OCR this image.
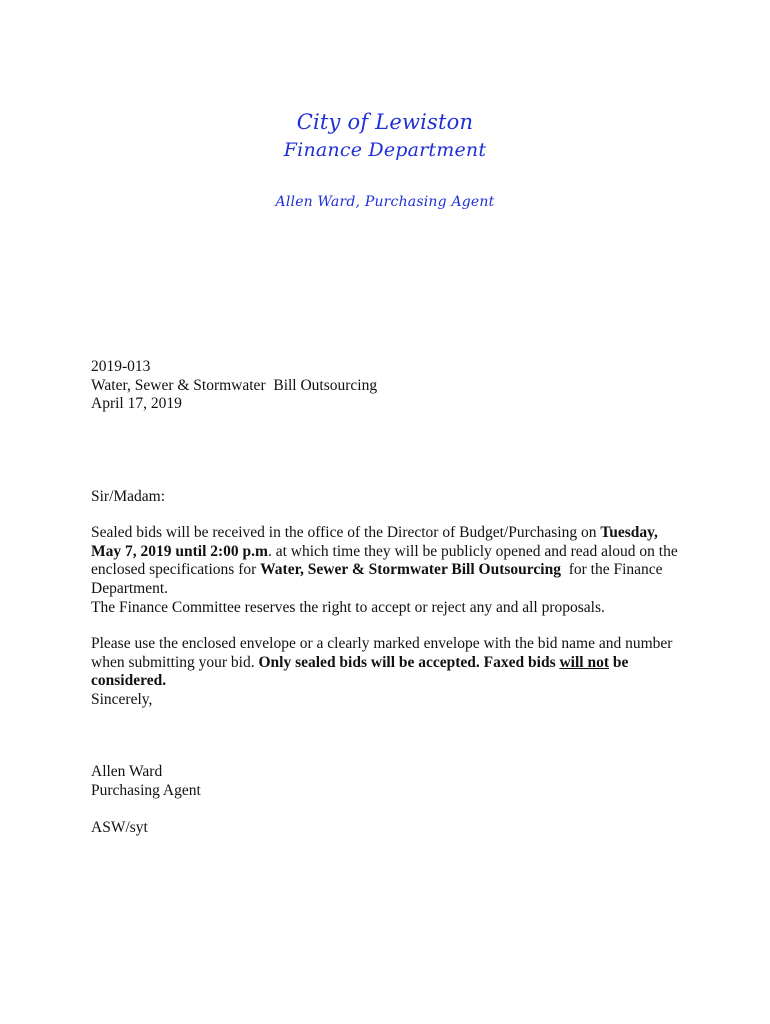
City of Lewiston
Finance Department
Allen Ward, Purchasing Agent
2019-013
Water, Sewer & Stormwater  Bill Outsourcing
April 17, 2019
Sir/Madam:
Sealed bids will be received in the office of the Director of Budget/Purchasing on Tuesday, May 7, 2019 until 2:00 p.m. at which time they will be publicly opened and read aloud on the enclosed specifications for Water, Sewer & Stormwater Bill Outsourcing  for the Finance Department.
The Finance Committee reserves the right to accept or reject any and all proposals.
Please use the enclosed envelope or a clearly marked envelope with the bid name and number when submitting your bid. Only sealed bids will be accepted. Faxed bids will not be considered.
Sincerely,
Allen Ward
Purchasing Agent
ASW/syt
